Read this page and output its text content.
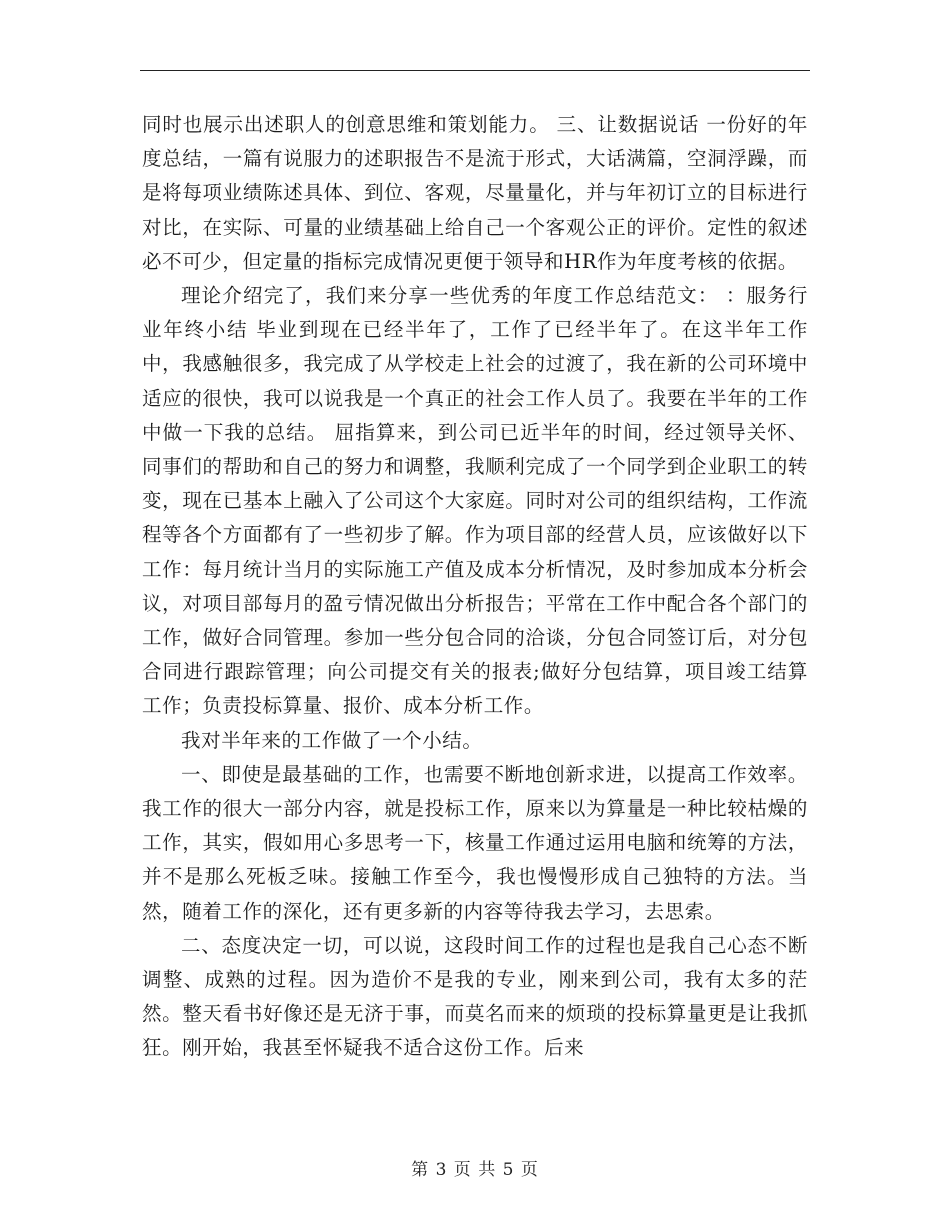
同时也展示出述职人的创意思维和策划能力。 三、让数据说话 一份好的年度总结，一篇有说服力的述职报告不是流于形式，大话满篇，空洞浮躁，而是将每项业绩陈述具体、到位、客观，尽量量化，并与年初订立的目标进行对比，在实际、可量的业绩基础上给自己一个客观公正的评价。定性的叙述必不可少，但定量的指标完成情况更便于领导和HR作为年度考核的依据。

理论介绍完了，我们来分享一些优秀的年度工作总结范文： ：服务行业年终小结 毕业到现在已经半年了，工作了已经半年了。在这半年工作中，我感触很多，我完成了从学校走上社会的过渡了，我在新的公司环境中适应的很快，我可以说我是一个真正的社会工作人员了。我要在半年的工作中做一下我的总结。 屈指算来，到公司已近半年的时间，经过领导关怀、同事们的帮助和自己的努力和调整，我顺利完成了一个同学到企业职工的转变，现在已基本上融入了公司这个大家庭。同时对公司的组织结构，工作流程等各个方面都有了一些初步了解。作为项目部的经营人员，应该做好以下工作：每月统计当月的实际施工产值及成本分析情况，及时参加成本分析会议，对项目部每月的盈亏情况做出分析报告；平常在工作中配合各个部门的工作，做好合同管理。参加一些分包合同的洽谈，分包合同签订后，对分包合同进行跟踪管理；向公司提交有关的报表;做好分包结算，项目竣工结算工作；负责投标算量、报价、成本分析工作。

我对半年来的工作做了一个小结。

一、即使是最基础的工作，也需要不断地创新求进，以提高工作效率。我工作的很大一部分内容，就是投标工作，原来以为算量是一种比较枯燥的工作，其实，假如用心多思考一下，核量工作通过运用电脑和统筹的方法，并不是那么死板乏味。接触工作至今，我也慢慢形成自己独特的方法。当然，随着工作的深化，还有更多新的内容等待我去学习，去思索。

二、态度决定一切，可以说，这段时间工作的过程也是我自己心态不断调整、成熟的过程。因为造价不是我的专业，刚来到公司，我有太多的茫然。整天看书好像还是无济于事，而莫名而来的烦琐的投标算量更是让我抓狂。刚开始，我甚至怀疑我不适合这份工作。后来

第 3 页 共 5 页
